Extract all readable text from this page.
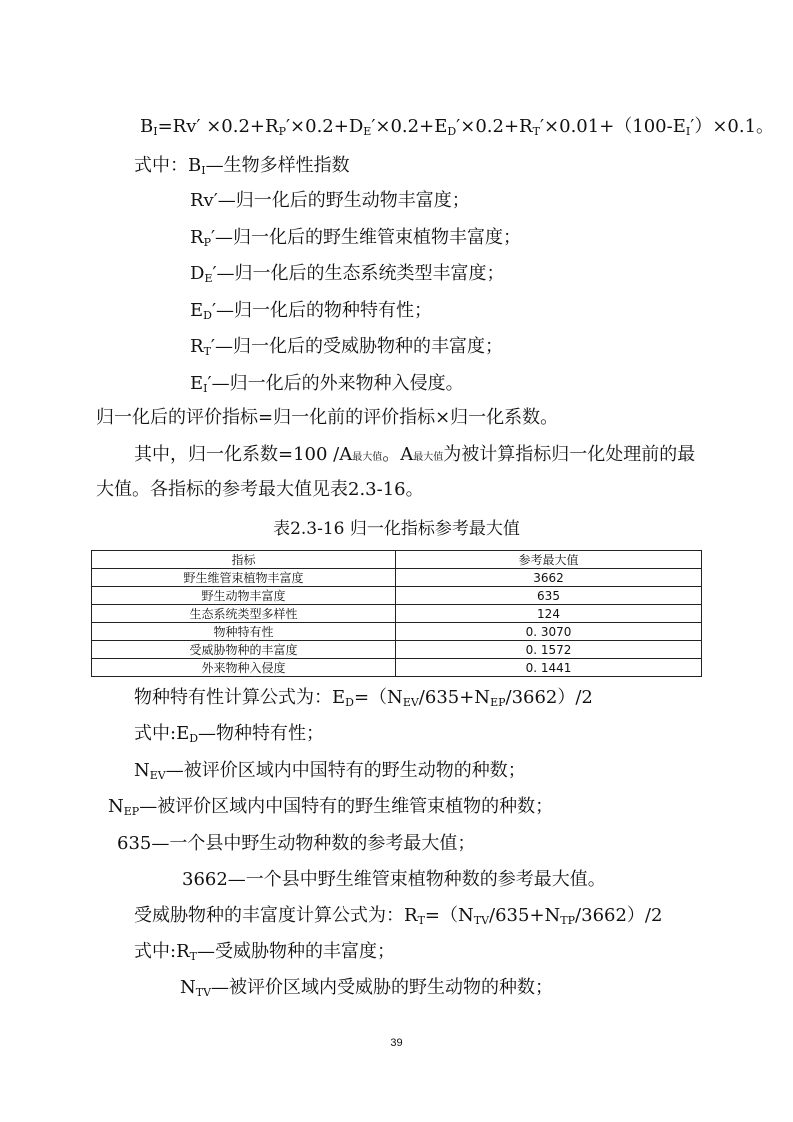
$B_I=Rv' \times 0.2+R_P'\times 0.2+D_E'\times 0.2+E_D'\times 0.2+R_T'\times 0.01+(100-E_I')\times 0.1$。
式中：$B_I—$生物多样性指数
Rv′—归一化后的野生动物丰富度；
$R_P'—$归一化后的野生维管束植物丰富度；
$D_E'—$归一化后的生态系统类型丰富度；
$E_D'—$归一化后的物种特有性；
$R_T'—$归一化后的受威胁物种的丰富度；
$E_I'—$归一化后的外来物种入侵度。
归一化后的评价指标=归一化前的评价指标×归一化系数。
其中，归一化系数=100 /A最大值。A最大值为被计算指标归一化处理前的最
大值。各指标的参考最大值见表2.3-16。
表2.3-16 归一化指标参考最大值
指标	参考最大值
野生维管束植物丰富度	3662
野生动物丰富度	635
生态系统类型多样性	124
物种特有性	0. 3070
受威胁物种的丰富度	0. 1572
外来物种入侵度	0. 1441
物种特有性计算公式为：$E_D=(N_{EV}/635+N_{EP}/3662)/2$
式中$:E_D—$物种特有性；
$N_{EV}—$被评价区域内中国特有的野生动物的种数；
$N_{EP}—$被评价区域内中国特有的野生维管束植物的种数；
635—一个县中野生动物种数的参考最大值；
3662—一个县中野生维管束植物种数的参考最大值。
受威胁物种的丰富度计算公式为：$R_T=(N_{TV}/635+N_{TP}/3662)/2$
式中$:R_T—$受威胁物种的丰富度；
$N_{TV}—$被评价区域内受威胁的野生动物的种数；
39
